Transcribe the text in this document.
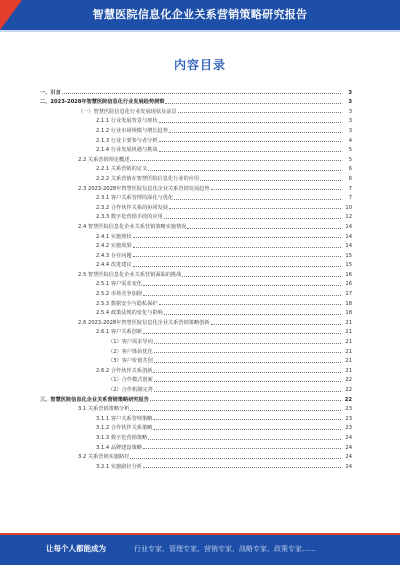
智慧医院信息化企业关系营销策略研究报告
内容目录
一、引言	3
二、2023-2028年智慧医院信息化行业发展趋势洞察	3
（一）智慧医院信息化行业发展现状及前景	3
2.1.1 行业发展背景与现状	3
2.1.2 行业市场规模与增长趋势	3
2.1.3 行业主要参与者分析	4
2.1.4 行业发展机遇与挑战	5
2.2 关系营销理论概述	5
2.2.1 关系营销的定义	6
2.2.2 关系营销在智慧医院信息化行业的应用	6
2.3 2023-2028年智慧医院信息化企业关系营销发展趋势	7
2.3.1 客户关系管理的深化与优化	7
2.3.2 合作伙伴关系的协同发展	10
2.3.3 数字化营销手段的应用	12
2.4 智慧医院信息化企业关系营销策略实施情况	14
2.4.1 实施现状	14
2.4.2 实施效果	14
2.4.3 存在问题	15
2.4.4 改进建议	15
2.5 智慧医院信息化企业关系营销面临的挑战	16
2.5.1 客户需求变化	16
2.5.2 市场竞争加剧	17
2.5.3 数据安全与隐私保护	18
2.5.4 政策法规的变化与影响	18
2.6 2023-2028年智慧医院信息化企业关系营销策略创新	21
2.6.1 客户关系创新	21
（1）客户需求导向	21
（2）客户体验优化	21
（3）客户价值共创	21
2.6.2 合作伙伴关系创新	21
（1）合作模式创新	22
（2）合作机制完善	22
三、智慧医院信息化企业关系营销策略研究报告	22
3.1 关系营销策略分析	23
3.1.1 客户关系管理策略	23
3.1.2 合作伙伴关系策略	23
3.1.3 数字化营销策略	24
3.1.4 品牌建设策略	24
3.2 关系营销实施路径	24
3.2.1 实施路径分析	24
让每个人都能成为	行业专家、管理专家、营销专家、战略专家、政策专家……
